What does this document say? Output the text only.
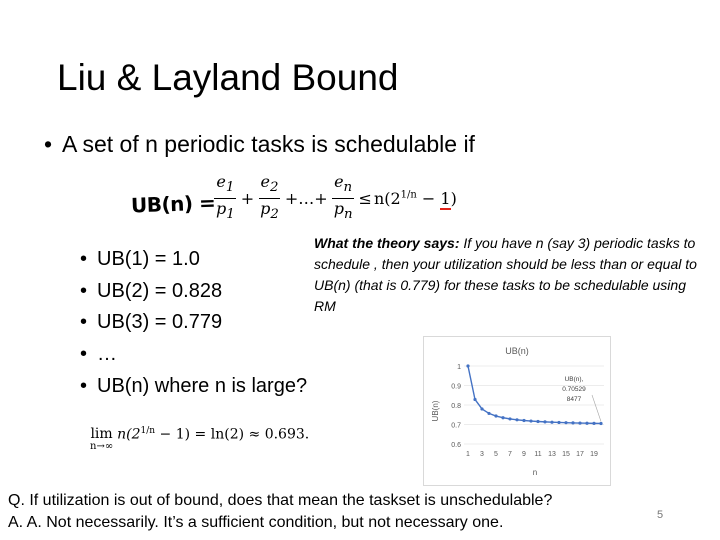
Liu & Layland Bound
• A set of n periodic tasks is schedulable if
UB(n) =
$\frac{e_1}{p_1} + \frac{e_2}{p_2}$ +…+ $\frac{e_n}{p_n} \le n(2^{1/n} - 1)$
• UB(1) = 1.0
• UB(2) = 0.828
• UB(3) = 0.779
• …
• UB(n) where n is large?
What the theory says: If you have n (say 3) periodic tasks to schedule , then your utilization should be less than or equal to UB(n) (that is 0.779) for these tasks to be schedulable using RM
lim
n→∞
$n(2^{1/n} - 1) = \ln(2) \approx 0.693$.
UB(n)
UB(n)
n
0.6
0.7
0.8
0.9
1
1 3 5 7 9 11 13 15 17 19
UB(n),
0.70529
8477
Q. If utilization is out of bound, does that mean the taskset is unschedulable?
A. A. Not necessarily. It’s a sufficient condition, but not necessary one.	5
